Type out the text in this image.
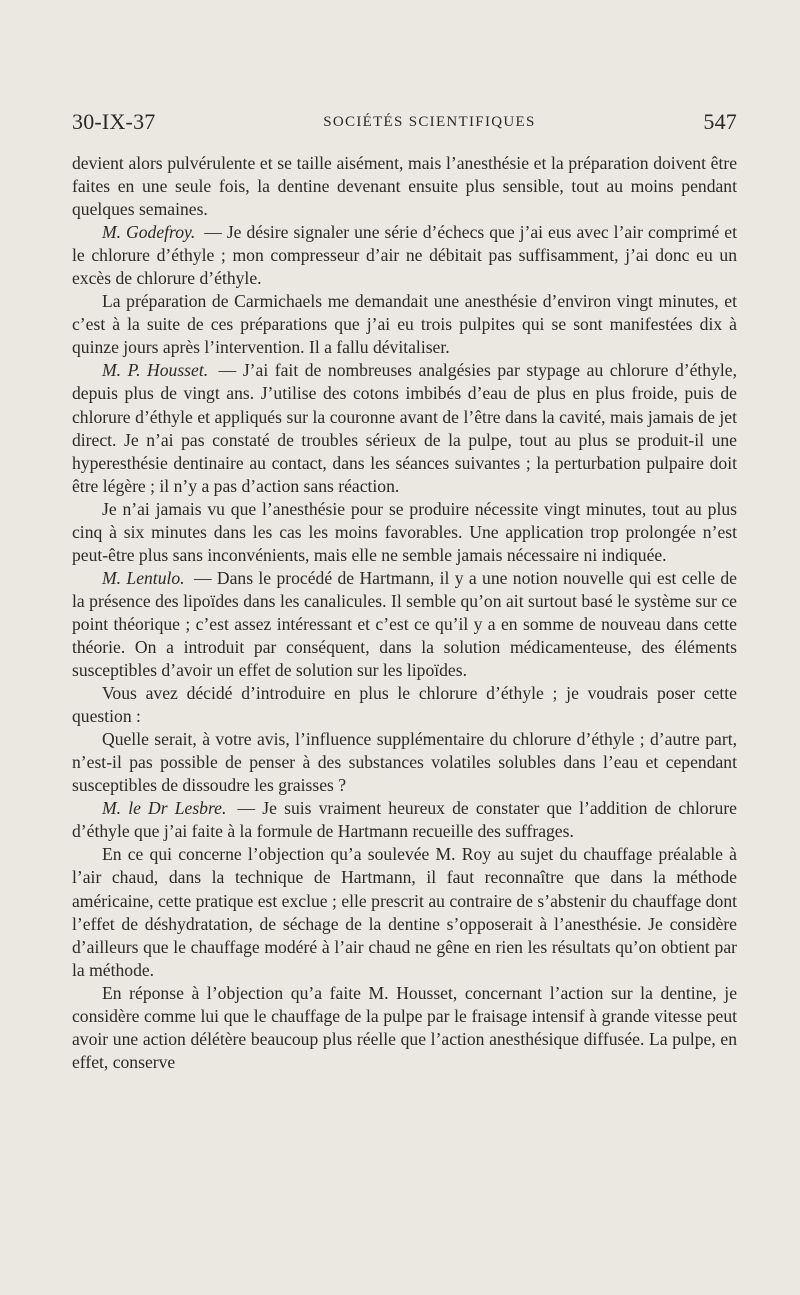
30-IX-37	SOCIÉTÉS SCIENTIFIQUES	547

devient alors pulvérulente et se taille aisément, mais l’anesthésie et la préparation doivent être faites en une seule fois, la dentine devenant ensuite plus sensible, tout au moins pendant quelques semaines.

M. Godefroy. — Je désire signaler une série d’échecs que j’ai eus avec l’air comprimé et le chlorure d’éthyle ; mon compresseur d’air ne débitait pas suffisamment, j’ai donc eu un excès de chlorure d’éthyle.

La préparation de Carmichaels me demandait une anesthésie d’environ vingt minutes, et c’est à la suite de ces préparations que j’ai eu trois pulpites qui se sont manifestées dix à quinze jours après l’intervention. Il a fallu dévitaliser.

M. P. Housset. — J’ai fait de nombreuses analgésies par stypage au chlorure d’éthyle, depuis plus de vingt ans. J’utilise des cotons imbibés d’eau de plus en plus froide, puis de chlorure d’éthyle et appliqués sur la couronne avant de l’être dans la cavité, mais jamais de jet direct. Je n’ai pas constaté de troubles sérieux de la pulpe, tout au plus se produit-il une hyperesthésie dentinaire au contact, dans les séances suivantes ; la perturbation pulpaire doit être légère ; il n’y a pas d’action sans réaction.

Je n’ai jamais vu que l’anesthésie pour se produire nécessite vingt minutes, tout au plus cinq à six minutes dans les cas les moins favorables. Une application trop prolongée n’est peut-être plus sans inconvénients, mais elle ne semble jamais nécessaire ni indiquée.

M. Lentulo. — Dans le procédé de Hartmann, il y a une notion nouvelle qui est celle de la présence des lipoïdes dans les canalicules. Il semble qu’on ait surtout basé le système sur ce point théorique ; c’est assez intéressant et c’est ce qu’il y a en somme de nouveau dans cette théorie. On a introduit par conséquent, dans la solution médicamenteuse, des éléments susceptibles d’avoir un effet de solution sur les lipoïdes.

Vous avez décidé d’introduire en plus le chlorure d’éthyle ; je voudrais poser cette question :

Quelle serait, à votre avis, l’influence supplémentaire du chlorure d’éthyle ; d’autre part, n’est-il pas possible de penser à des substances volatiles solubles dans l’eau et cependant susceptibles de dissoudre les graisses ?

M. le Dr Lesbre. — Je suis vraiment heureux de constater que l’addition de chlorure d’éthyle que j’ai faite à la formule de Hartmann recueille des suffrages.

En ce qui concerne l’objection qu’a soulevée M. Roy au sujet du chauffage préalable à l’air chaud, dans la technique de Hartmann, il faut reconnaître que dans la méthode américaine, cette pratique est exclue ; elle prescrit au contraire de s’abstenir du chauffage dont l’effet de déshydratation, de séchage de la dentine s’opposerait à l’anesthésie. Je considère d’ailleurs que le chauffage modéré à l’air chaud ne gêne en rien les résultats qu’on obtient par la méthode.

En réponse à l’objection qu’a faite M. Housset, concernant l’action sur la dentine, je considère comme lui que le chauffage de la pulpe par le fraisage intensif à grande vitesse peut avoir une action délétère beaucoup plus réelle que l’action anesthésique diffusée. La pulpe, en effet, conserve
